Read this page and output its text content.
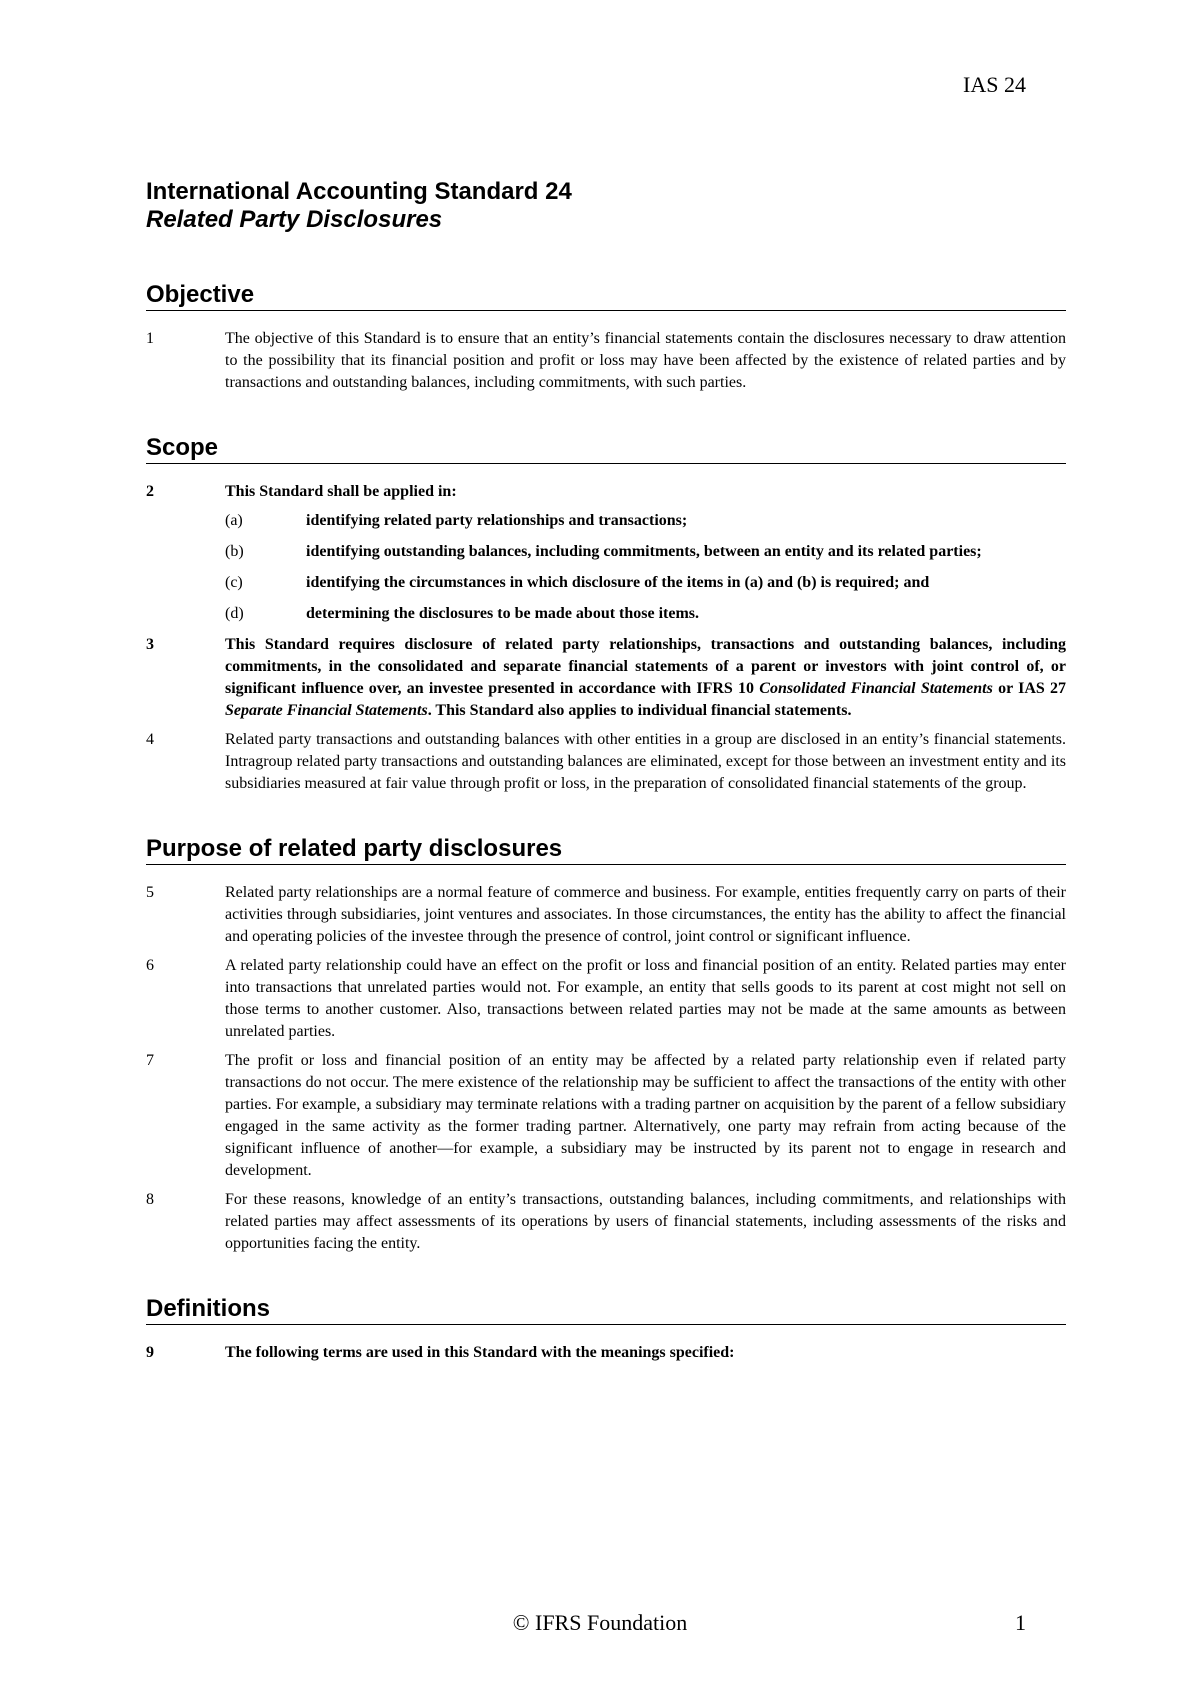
IAS 24

International Accounting Standard 24

Related Party Disclosures

Objective
1	The objective of this Standard is to ensure that an entity’s financial statements contain the disclosures necessary to draw attention to the possibility that its financial position and profit or loss may have been affected by the existence of related parties and by transactions and outstanding balances, including commitments, with such parties.
Scope
2	This Standard shall be applied in:
(a)	identifying related party relationships and transactions;
(b)	identifying outstanding balances, including commitments, between an entity and its related parties;
(c)	identifying the circumstances in which disclosure of the items in (a) and (b) is required; and
(d)	determining the disclosures to be made about those items.
3	This Standard requires disclosure of related party relationships, transactions and outstanding balances, including commitments, in the consolidated and separate financial statements of a parent or investors with joint control of, or significant influence over, an investee presented in accordance with IFRS 10 Consolidated Financial Statements or IAS 27 Separate Financial Statements. This Standard also applies to individual financial statements.
4	Related party transactions and outstanding balances with other entities in a group are disclosed in an entity’s financial statements. Intragroup related party transactions and outstanding balances are eliminated, except for those between an investment entity and its subsidiaries measured at fair value through profit or loss, in the preparation of consolidated financial statements of the group.
Purpose of related party disclosures
5	Related party relationships are a normal feature of commerce and business. For example, entities frequently carry on parts of their activities through subsidiaries, joint ventures and associates. In those circumstances, the entity has the ability to affect the financial and operating policies of the investee through the presence of control, joint control or significant influence.
6	A related party relationship could have an effect on the profit or loss and financial position of an entity. Related parties may enter into transactions that unrelated parties would not. For example, an entity that sells goods to its parent at cost might not sell on those terms to another customer. Also, transactions between related parties may not be made at the same amounts as between unrelated parties.
7	The profit or loss and financial position of an entity may be affected by a related party relationship even if related party transactions do not occur. The mere existence of the relationship may be sufficient to affect the transactions of the entity with other parties. For example, a subsidiary may terminate relations with a trading partner on acquisition by the parent of a fellow subsidiary engaged in the same activity as the former trading partner. Alternatively, one party may refrain from acting because of the significant influence of another—for example, a subsidiary may be instructed by its parent not to engage in research and development.
8	For these reasons, knowledge of an entity’s transactions, outstanding balances, including commitments, and relationships with related parties may affect assessments of its operations by users of financial statements, including assessments of the risks and opportunities facing the entity.
Definitions
9	The following terms are used in this Standard with the meanings specified:
© IFRS Foundation	1
